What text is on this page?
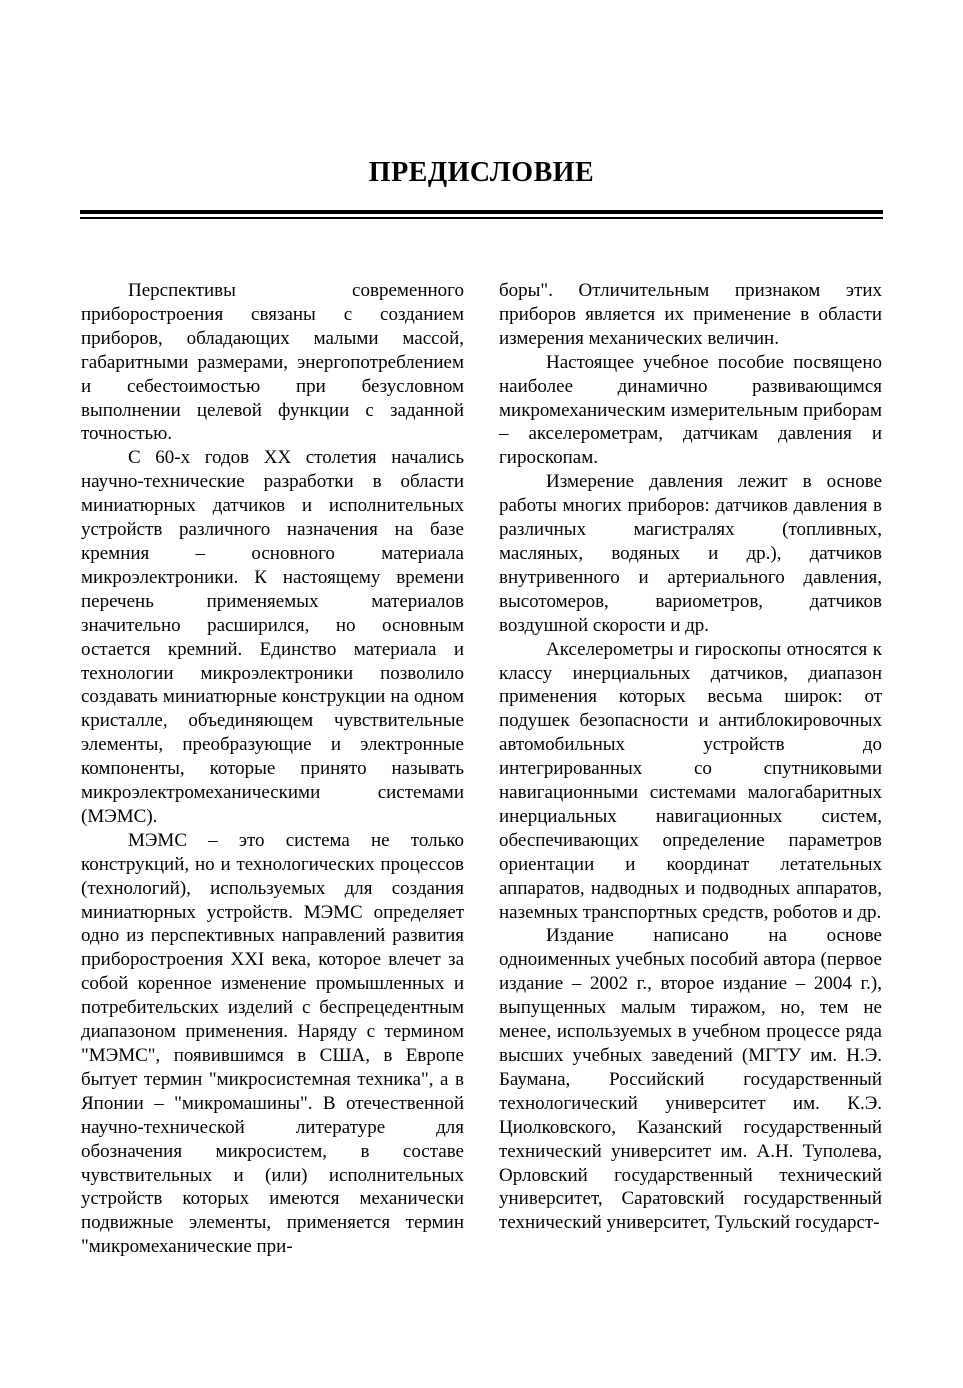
ПРЕДИСЛОВИЕ

Перспективы современного приборостроения связаны с созданием приборов, обладающих малыми массой, габаритными размерами, энергопотреблением и себестоимостью при безусловном выполнении целевой функции с заданной точностью.

С 60-х годов XX столетия начались научно-технические разработки в области миниатюрных датчиков и исполнительных устройств различного назначения на базе кремния – основного материала микроэлектроники. К настоящему времени перечень применяемых материалов значительно расширился, но основным остается кремний. Единство материала и технологии микроэлектроники позволило создавать миниатюрные конструкции на одном кристалле, объединяющем чувствительные элементы, преобразующие и электронные компоненты, которые принято называть микроэлектромеханическими системами (МЭМС).

МЭМС – это система не только конструкций, но и технологических процессов (технологий), используемых для создания миниатюрных устройств. МЭМС определяет одно из перспективных направлений развития приборостроения XXI века, которое влечет за собой коренное изменение промышленных и потребительских изделий с беспрецедентным диапазоном применения. Наряду с термином "МЭМС", появившимся в США, в Европе бытует термин "микросистемная техника", а в Японии – "микромашины". В отечественной научно-технической литературе для обозначения микросистем, в составе чувствительных и (или) исполнительных устройств которых имеются механически подвижные элементы, применяется термин "микромеханические при-

боры". Отличительным признаком этих приборов является их применение в области измерения механических величин.

Настоящее учебное пособие посвящено наиболее динамично развивающимся микромеханическим измерительным приборам – акселерометрам, датчикам давления и гироскопам.

Измерение давления лежит в основе работы многих приборов: датчиков давления в различных магистралях (топливных, масляных, водяных и др.), датчиков внутривенного и артериального давления, высотомеров, вариометров, датчиков воздушной скорости и др.

Акселерометры и гироскопы относятся к классу инерциальных датчиков, диапазон применения которых весьма широк: от подушек безопасности и антиблокировочных автомобильных устройств до интегрированных со спутниковыми навигационными системами малогабаритных инерциальных навигационных систем, обеспечивающих определение параметров ориентации и координат летательных аппаратов, надводных и подводных аппаратов, наземных транспортных средств, роботов и др.

Издание написано на основе одноименных учебных пособий автора (первое издание – 2002 г., второе издание – 2004 г.), выпущенных малым тиражом, но, тем не менее, используемых в учебном процессе ряда высших учебных заведений (МГТУ им. Н.Э. Баумана, Российский государственный технологический университет им. К.Э. Циолковского, Казанский государственный технический университет им. А.Н. Туполева, Орловский государственный технический университет, Саратовский государственный технический университет, Тульский государст-
